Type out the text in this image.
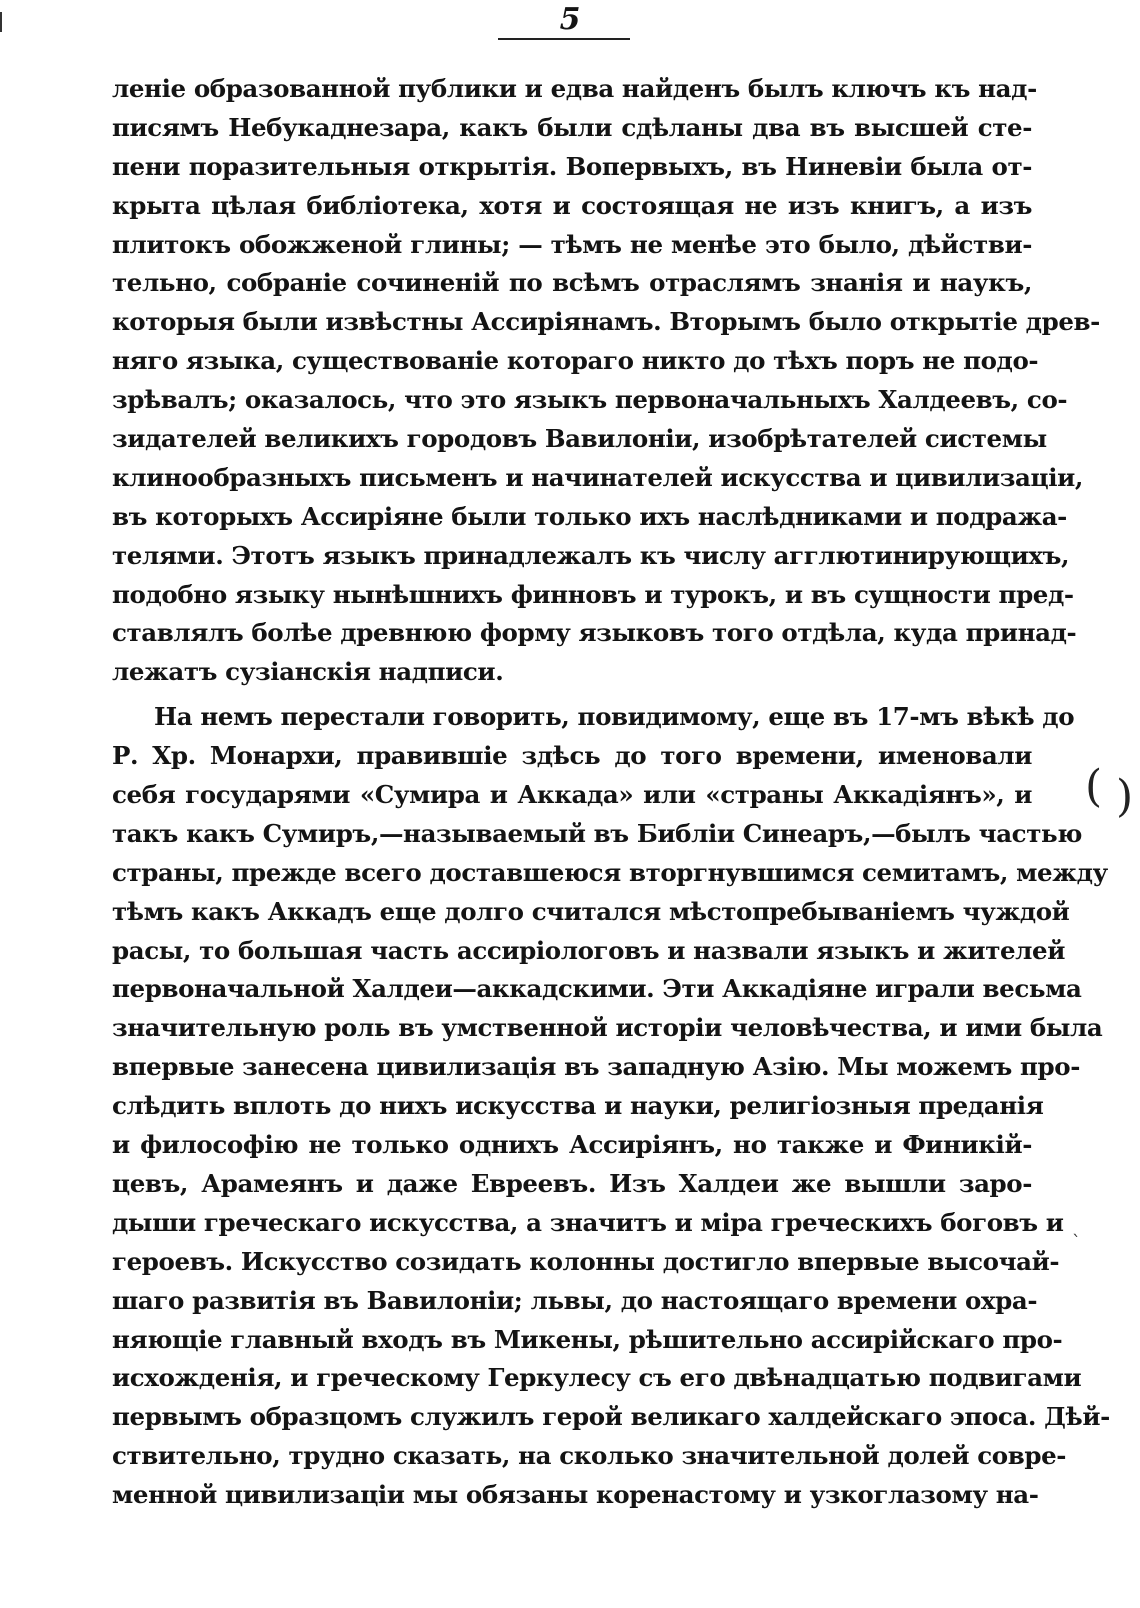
5
леніе образованной публики и едва найденъ былъ ключъ къ над-
писямъ Небукаднезара, какъ были сдѣланы два въ высшей сте-
пени поразительныя открытія. Вопервыхъ, въ Ниневіи была от-
крыта цѣлая библіотека, хотя и состоящая не изъ книгъ, а изъ
плитокъ обожженой глины; — тѣмъ не менѣе это было, дѣйстви-
тельно, собраніе сочиненій по всѣмъ отраслямъ знанія и наукъ,
которыя были извѣстны Ассиріянамъ. Вторымъ было открытіе древ-
няго языка, существованіе котораго никто до тѣхъ поръ не подо-
зрѣвалъ; оказалось, что это языкъ первоначальныхъ Халдеевъ, со-
зидателей великихъ городовъ Вавилоніи, изобрѣтателей системы
клинообразныхъ письменъ и начинателей искусства и цивилизаціи,
въ которыхъ Ассиріяне были только ихъ наслѣдниками и подража-
телями. Этотъ языкъ принадлежалъ къ числу агглютинирующихъ,
подобно языку нынѣшнихъ финновъ и турокъ, и въ сущности пред-
ставлялъ болѣе древнюю форму языковъ того отдѣла, куда принад-
лежатъ сузіанскія надписи.
На немъ перестали говорить, повидимому, еще въ 17-мъ вѣкѣ до
Р. Хр. Монархи, правившіе здѣсь до того времени, именовали
себя государями «Сумира и Аккада» или «страны Аккадіянъ», и
такъ какъ Сумиръ,—называемый въ Библіи Синеаръ,—былъ частью
страны, прежде всего доставшеюся вторгнувшимся семитамъ, между
тѣмъ какъ Аккадъ еще долго считался мѣстопребываніемъ чуждой
расы, то большая часть ассиріологовъ и назвали языкъ и жителей
первоначальной Халдеи—аккадскими. Эти Аккадіяне играли весьма
значительную роль въ умственной исторіи человѣчества, и ими была
впервые занесена цивилизація въ западную Азію. Мы можемъ про-
слѣдить вплоть до нихъ искусства и науки, религіозныя преданія
и философію не только однихъ Ассиріянъ, но также и Финикій-
цевъ, Арамеянъ и даже Евреевъ. Изъ Халдеи же вышли заро-
дыши греческаго искусства, а значитъ и міра греческихъ боговъ и
героевъ. Искусство созидать колонны достигло впервые высочай-
шаго развитія въ Вавилоніи; львы, до настоящаго времени охра-
няющіе главный входъ въ Микены, рѣшительно ассирійскаго про-
исхожденія, и греческому Геркулесу съ его двѣнадцатью подвигами
первымъ образцомъ служилъ герой великаго халдейскаго эпоса. Дѣй-
ствительно, трудно сказать, на сколько значительной долей совре-
менной цивилизаціи мы обязаны коренастому и узкоглазому на-
( )
ˋ
